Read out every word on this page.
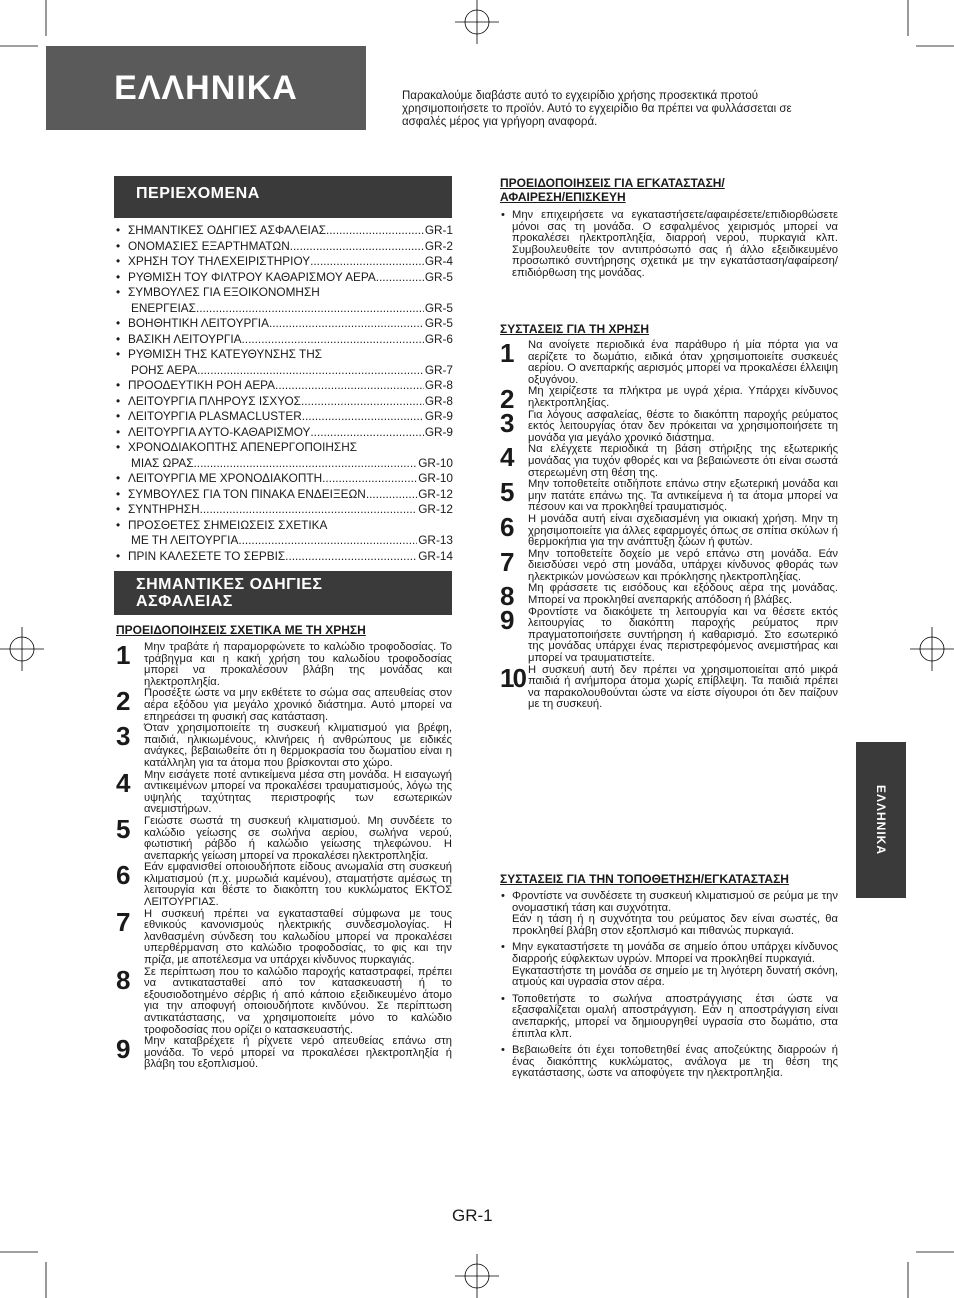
ΕΛΛΗΝΙΚΑ	Παρακαλούμε διαβάστε αυτό το εγχειρίδιο χρήσης προσεκτικά προτού χρησιμοποιήσετε το προϊόν. Αυτό το εγχειρίδιο θα πρέπει να φυλλάσσεται σε ασφαλές μέρος για γρήγορη αναφορά.
ΠΕΡΙΕΧΟΜΕΝΑ
• ΣΗΜΑΝΤΙΚΕΣ ΟΔΗΓΙΕΣ ΑΣΦΑΛΕΙΑΣ .....	GR-1
• ΟΝΟΜΑΣΙΕΣ ΕΞΑΡΤΗΜΑΤΩΝ .....	GR-2
• ΧΡΗΣΗ ΤΟΥ ΤΗΛΕΧΕΙΡΙΣΤΗΡΙΟΥ .....	GR-4
• ΡΥΘΜΙΣΗ ΤΟΥ ΦΙΛΤΡΟΥ ΚΑΘΑΡΙΣΜΟΥ ΑΕΡΑ .....	GR-5
• ΣΥΜΒΟΥΛΕΣ ΓΙΑ ΕΞΟΙΚΟΝΟΜΗΣΗ
ΕΝΕΡΓΕΙΑΣ .....	GR-5
• ΒΟΗΘΗΤΙΚΗ ΛΕΙΤΟΥΡΓΙΑ .....	GR-5
• ΒΑΣΙΚΗ ΛΕΙΤΟΥΡΓΙΑ .....	GR-6
• ΡΥΘΜΙΣΗ ΤΗΣ ΚΑΤΕΥΘΥΝΣΗΣ ΤΗΣ
ΡΟΗΣ ΑΕΡΑ .....	GR-7
• ΠΡΟΟΔΕΥΤΙΚΗ ΡΟΗ ΑΕΡΑ .....	GR-8
• ΛΕΙΤΟΥΡΓΙΑ ΠΛΗΡΟΥΣ ΙΣΧΥΟΣ .....	GR-8
• ΛΕΙΤΟΥΡΓΙΑ PLASMACLUSTER .....	GR-9
• ΛΕΙΤΟΥΡΓΙΑ ΑΥΤΟ-ΚΑΘΑΡΙΣΜΟΥ .....	GR-9
• ΧΡΟΝΟΔΙΑΚΟΠΤΗΣ ΑΠΕΝΕΡΓΟΠΟΙΗΣΗΣ
ΜΙΑΣ ΩΡΑΣ .....	GR-10
• ΛΕΙΤΟΥΡΓΙΑ ΜΕ ΧΡΟΝΟΔΙΑΚΟΠΤΗ .....	GR-10
• ΣΥΜΒΟΥΛΕΣ ΓΙΑ ΤΟΝ ΠΙΝΑΚΑ ΕΝΔΕΙΞΕΩΝ .....	GR-12
• ΣΥΝΤΗΡΗΣΗ .....	GR-12
• ΠΡΟΣΘΕΤΕΣ ΣΗΜΕΙΩΣΕΙΣ ΣΧΕΤΙΚΑ
ΜΕ ΤΗ ΛΕΙΤΟΥΡΓΙΑ .....	GR-13
• ΠΡΙΝ ΚΑΛΕΣΕΤΕ ΤΟ ΣΕΡΒΙΣ .....	GR-14
ΣΗΜΑΝΤΙΚΕΣ ΟΔΗΓΙΕΣ
ΑΣΦΑΛΕΙΑΣ
ΠΡΟΕΙΔΟΠΟΙΗΣΕΙΣ ΣΧΕΤΙΚΑ ΜΕ ΤΗ ΧΡΗΣΗ
1 Μην τραβάτε ή παραμορφώνετε το καλώδιο τροφοδοσίας. Το τράβηγμα και η κακή χρήση του καλωδίου τροφοδοσίας μπορεί να προκαλέσουν βλάβη της μονάδας και ηλεκτροπληξία.
2 Προσέξτε ώστε να μην εκθέτετε το σώμα σας απευθείας στον αέρα εξόδου για μεγάλο χρονικό διάστημα. Αυτό μπορεί να επηρεάσει τη φυσική σας κατάσταση.
3 Όταν χρησιμοποιείτε τη συσκευή κλιματισμού για βρέφη, παιδιά, ηλικιωμένους, κλινήρεις ή ανθρώπους με ειδικές ανάγκες, βεβαιωθείτε ότι η θερμοκρασία του δωματίου είναι η κατάλληλη για τα άτομα που βρίσκονται στο χώρο.
4 Μην εισάγετε ποτέ αντικείμενα μέσα στη μονάδα. Η εισαγωγή αντικειμένων μπορεί να προκαλέσει τραυματισμούς, λόγω της υψηλής ταχύτητας περιστροφής των εσωτερικών ανεμιστήρων.
5 Γειώστε σωστά τη συσκευή κλιματισμού. Μη συνδέετε το καλώδιο γείωσης σε σωλήνα αερίου, σωλήνα νερού, φωτιστική ράβδο ή καλώδιο γείωσης τηλεφώνου. Η ανεπαρκής γείωση μπορεί να προκαλέσει ηλεκτροπληξία.
6 Εάν εμφανισθεί οποιουδήποτε είδους ανωμαλία στη συσκευή κλιματισμού (π.χ. μυρωδιά καμένου), σταματήστε αμέσως τη λειτουργία και θέστε το διακόπτη του κυκλώματος ΕΚΤΟΣ ΛΕΙΤΟΥΡΓΙΑΣ.
7 Η συσκευή πρέπει να εγκατασταθεί σύμφωνα με τους εθνικούς κανονισμούς ηλεκτρικής συνδεσμολογίας. Η λανθασμένη σύνδεση του καλωδίου μπορεί να προκαλέσει υπερθέρμανση στο καλώδιο τροφοδοσίας, το φις και την πρίζα, με αποτέλεσμα να υπάρχει κίνδυνος πυρκαγιάς.
8 Σε περίπτωση που το καλώδιο παροχής καταστραφεί, πρέπει να αντικατασταθεί από τον κατασκευαστή ή το εξουσιοδοτημένο σέρβις ή από κάποιο εξειδικευμένο άτομο για την αποφυγή οποιουδήποτε κινδύνου. Σε περίπτωση αντικατάστασης, να χρησιμοποιείτε μόνο το καλώδιο τροφοδοσίας που ορίζει ο κατασκευαστής.
9 Μην καταβρέχετε ή ρίχνετε νερό απευθείας επάνω στη μονάδα. Το νερό μπορεί να προκαλέσει ηλεκτροπληξία ή βλάβη του εξοπλισμού.
ΠΡΟΕΙΔΟΠΟΙΗΣΕΙΣ ΓΙΑ ΕΓΚΑΤΑΣΤΑΣΗ/
ΑΦΑΙΡΕΣΗ/ΕΠΙΣΚΕΥΗ
• Μην επιχειρήσετε να εγκαταστήσετε/αφαιρέσετε/επιδιορθώσετε μόνοι σας τη μονάδα. Ο εσφαλμένος χειρισμός μπορεί να προκαλέσει ηλεκτροπληξία, διαρροή νερού, πυρκαγιά κλπ. Συμβουλευθείτε τον αντιπρόσωπό σας ή άλλο εξειδικευμένο προσωπικό συντήρησης σχετικά με την εγκατάσταση/αφαίρεση/επιδιόρθωση της μονάδας.
ΣΥΣΤΑΣΕΙΣ ΓΙΑ ΤΗ ΧΡΗΣΗ
1 Να ανοίγετε περιοδικά ένα παράθυρο ή μία πόρτα για να αερίζετε το δωμάτιο, ειδικά όταν χρησιμοποιείτε συσκευές αερίου. Ο ανεπαρκής αερισμός μπορεί να προκαλέσει έλλειψη οξυγόνου.
2 Μη χειρίζεστε τα πλήκτρα με υγρά χέρια. Υπάρχει κίνδυνος ηλεκτροπληξίας.
3 Για λόγους ασφαλείας, θέστε το διακόπτη παροχής ρεύματος εκτός λειτουργίας όταν δεν πρόκειται να χρησιμοποιήσετε τη μονάδα για μεγάλο χρονικό διάστημα.
4 Να ελέγχετε περιοδικά τη βάση στήριξης της εξωτερικής μονάδας για τυχόν φθορές και να βεβαιώνεστε ότι είναι σωστά στερεωμένη στη θέση της.
5 Μην τοποθετείτε οτιδήποτε επάνω στην εξωτερική μονάδα και μην πατάτε επάνω της. Τα αντικείμενα ή τα άτομα μπορεί να πέσουν και να προκληθεί τραυματισμός.
6 Η μονάδα αυτή είναι σχεδιασμένη για οικιακή χρήση. Μην τη χρησιμοποιείτε για άλλες εφαρμογές όπως σε σπίτια σκύλων ή θερμοκήπια για την ανάπτυξη ζώων ή φυτών.
7 Μην τοποθετείτε δοχείο με νερό επάνω στη μονάδα. Εάν διεισδύσει νερό στη μονάδα, υπάρχει κίνδυνος φθοράς των ηλεκτρικών μονώσεων και πρόκλησης ηλεκτροπληξίας.
8 Μη φράσσετε τις εισόδους και εξόδους αέρα της μονάδας. Μπορεί να προκληθεί ανεπαρκής απόδοση ή βλάβες.
9 Φροντίστε να διακόψετε τη λειτουργία και να θέσετε εκτός λειτουργίας το διακόπτη παροχής ρεύματος πριν πραγματοποιήσετε συντήρηση ή καθαρισμό. Στο εσωτερικό της μονάδας υπάρχει ένας περιστρεφόμενος ανεμιστήρας και μπορεί να τραυματιστείτε.
10 Η συσκευή αυτή δεν πρέπει να χρησιμοποιείται από μικρά παιδιά ή ανήμπορα άτομα χωρίς επίβλεψη. Τα παιδιά πρέπει να παρακολουθούνται ώστε να είστε σίγουροι ότι δεν παίζουν με τη συσκευή.
ΣΥΣΤΑΣΕΙΣ ΓΙΑ ΤΗΝ ΤΟΠΟΘΕΤΗΣΗ/ΕΓΚΑΤΑΣΤΑΣΗ

• Φροντίστε να συνδέσετε τη συσκευή κλιματισμού σε ρεύμα με την ονομαστική τάση και συχνότητα.

Εάν η τάση ή η συχνότητα του ρεύματος δεν είναι σωστές, θα προκληθεί βλάβη στον εξοπλισμό και πιθανώς πυρκαγιά.

• Μην εγκαταστήσετε τη μονάδα σε σημείο όπου υπάρχει κίνδυνος διαρροής εύφλεκτων υγρών. Μπορεί να προκληθεί πυρκαγιά.

Εγκαταστήστε τη μονάδα σε σημείο με τη λιγότερη δυνατή σκόνη, ατμούς και υγρασία στον αέρα.

• Τοποθετήστε το σωλήνα αποστράγγισης έτσι ώστε να εξασφαλίζεται ομαλή αποστράγγιση. Εάν η αποστράγγιση είναι ανεπαρκής, μπορεί να δημιουργηθεί υγρασία στο δωμάτιο, στα έπιπλα κλπ.

• Βεβαιωθείτε ότι έχει τοποθετηθεί ένας αποζεύκτης διαρροών ή ένας διακόπτης κυκλώματος, ανάλογα με τη θέση της εγκατάστασης, ώστε να αποφύγετε την ηλεκτροπληξία.

ΕΛΛΗΝΙΚΑ
GR-1
